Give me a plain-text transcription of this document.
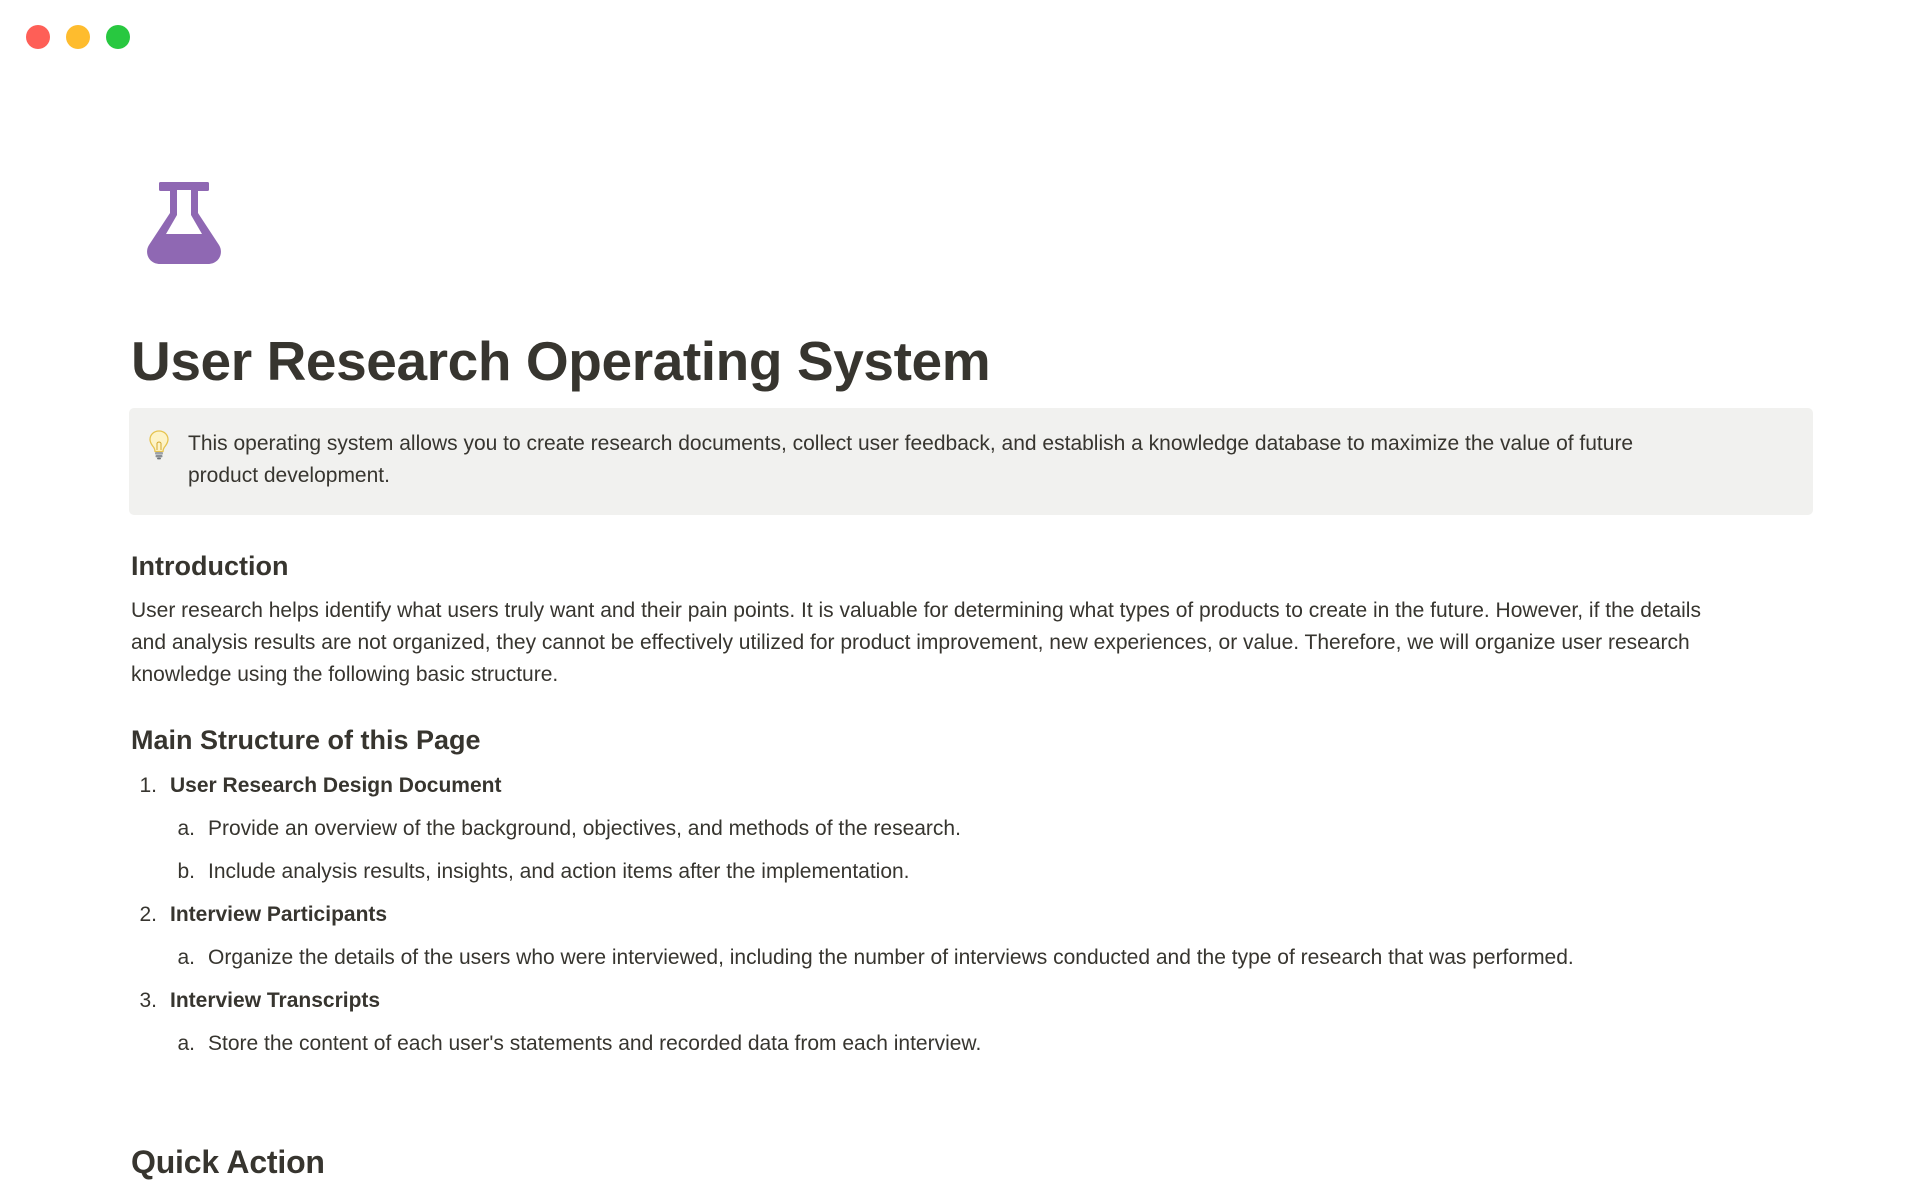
User Research Operating System
This operating system allows you to create research documents, collect user feedback, and establish a knowledge database to maximize the value of future
product development.
Introduction
User research helps identify what users truly want and their pain points. It is valuable for determining what types of products to create in the future. However, if the details
and analysis results are not organized, they cannot be effectively utilized for product improvement, new experiences, or value. Therefore, we will organize user research
knowledge using the following basic structure.
Main Structure of this Page
1. User Research Design Document
a. Provide an overview of the background, objectives, and methods of the research.
b. Include analysis results, insights, and action items after the implementation.
2. Interview Participants
a. Organize the details of the users who were interviewed, including the number of interviews conducted and the type of research that was performed.
3. Interview Transcripts
a. Store the content of each user's statements and recorded data from each interview.
Quick Action
